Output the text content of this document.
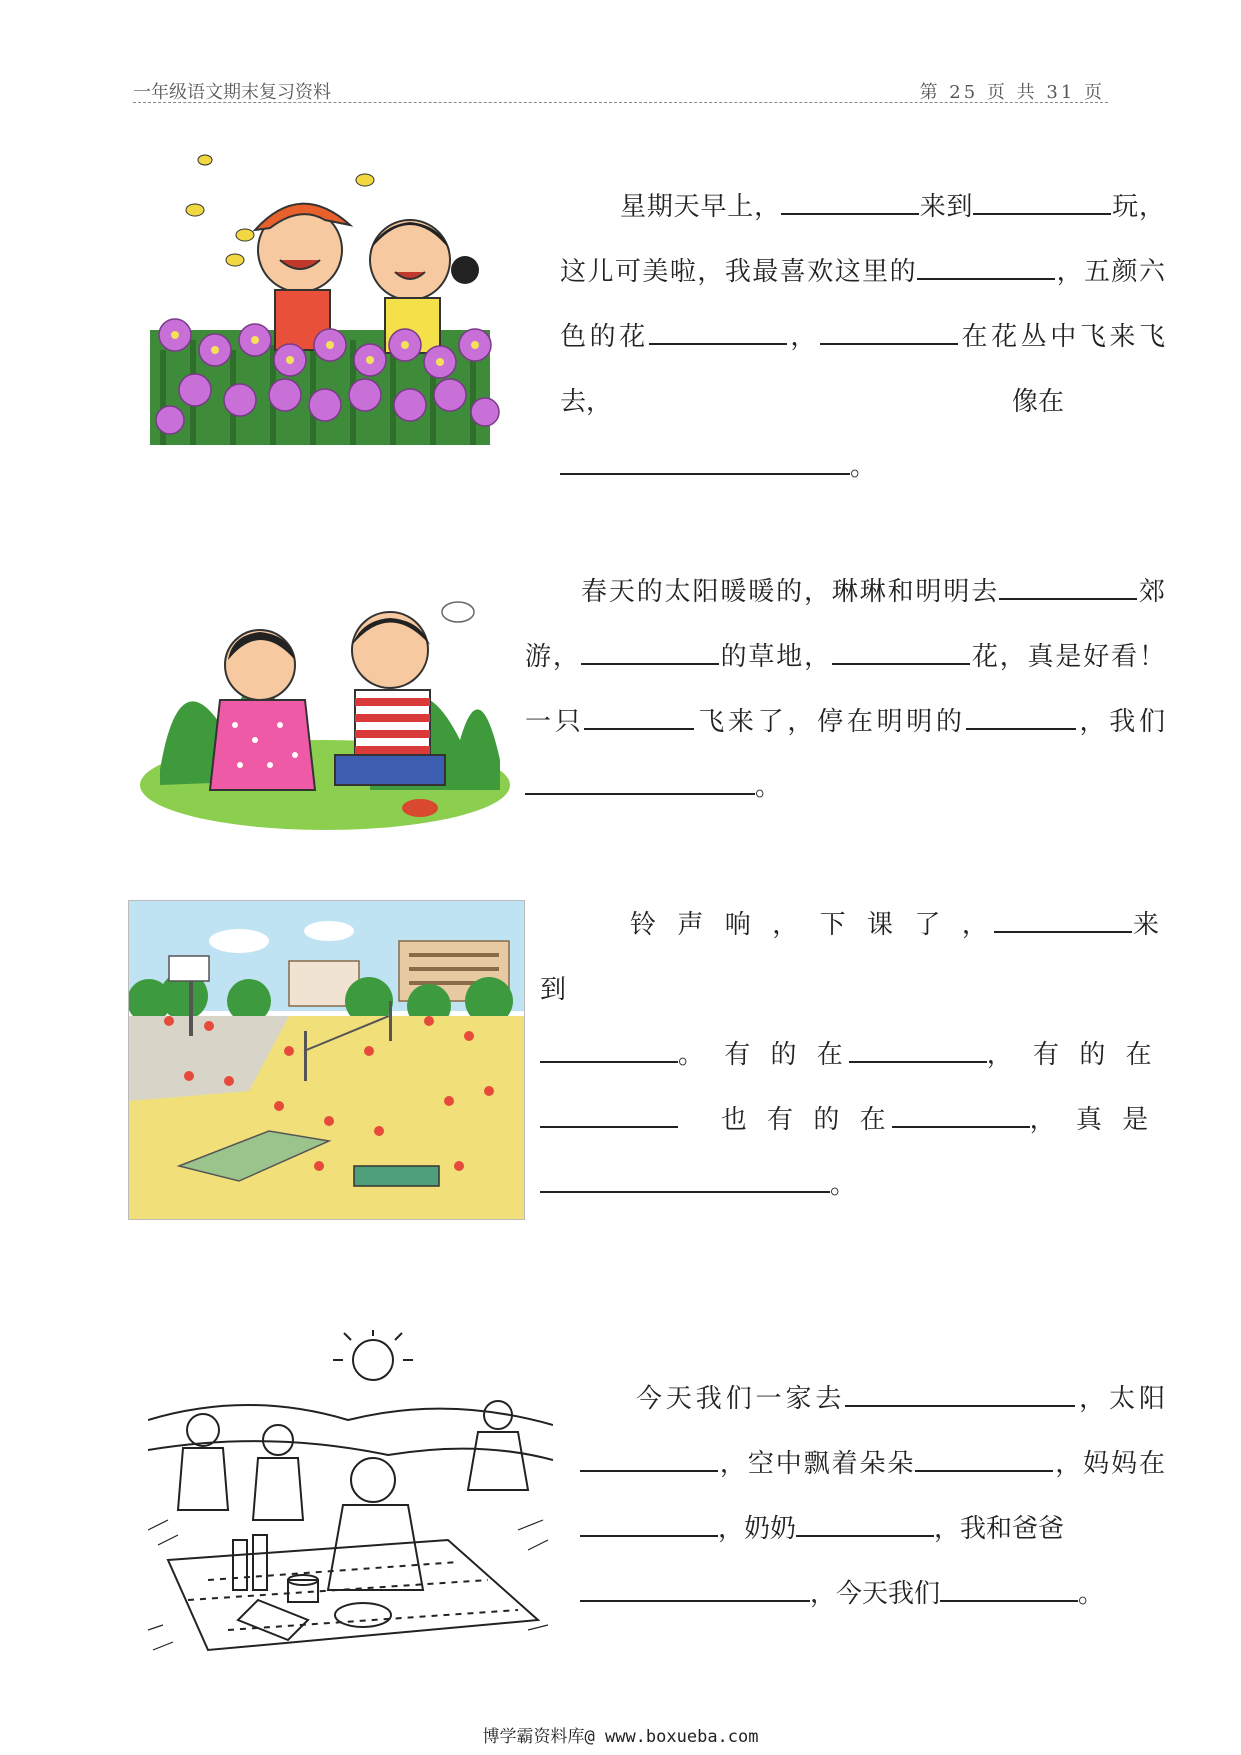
一年级语文期末复习资料	第 25 页 共 31 页
星期天早上，	来到	玩，这儿可美啦，我最喜欢这里的	，五颜六色的花	，	在花丛中飞来飞去，	像在
。
春天的太阳暖暖的，琳琳和明明去	郊游，	的草地，	花，真是好看！ 一只	飞来了，停在明明的	，我们。
铃 声 响 ， 下 课 了 ，	来 到
。 有 的 在	， 有 的 在
也 有 的 在	， 真 是
。
今天我们一家去	，太阳，空中飘着朵朵	，妈妈在，奶奶	，我和爸爸
，今天我们	。
博学霸资料库@ www.boxueba.com
